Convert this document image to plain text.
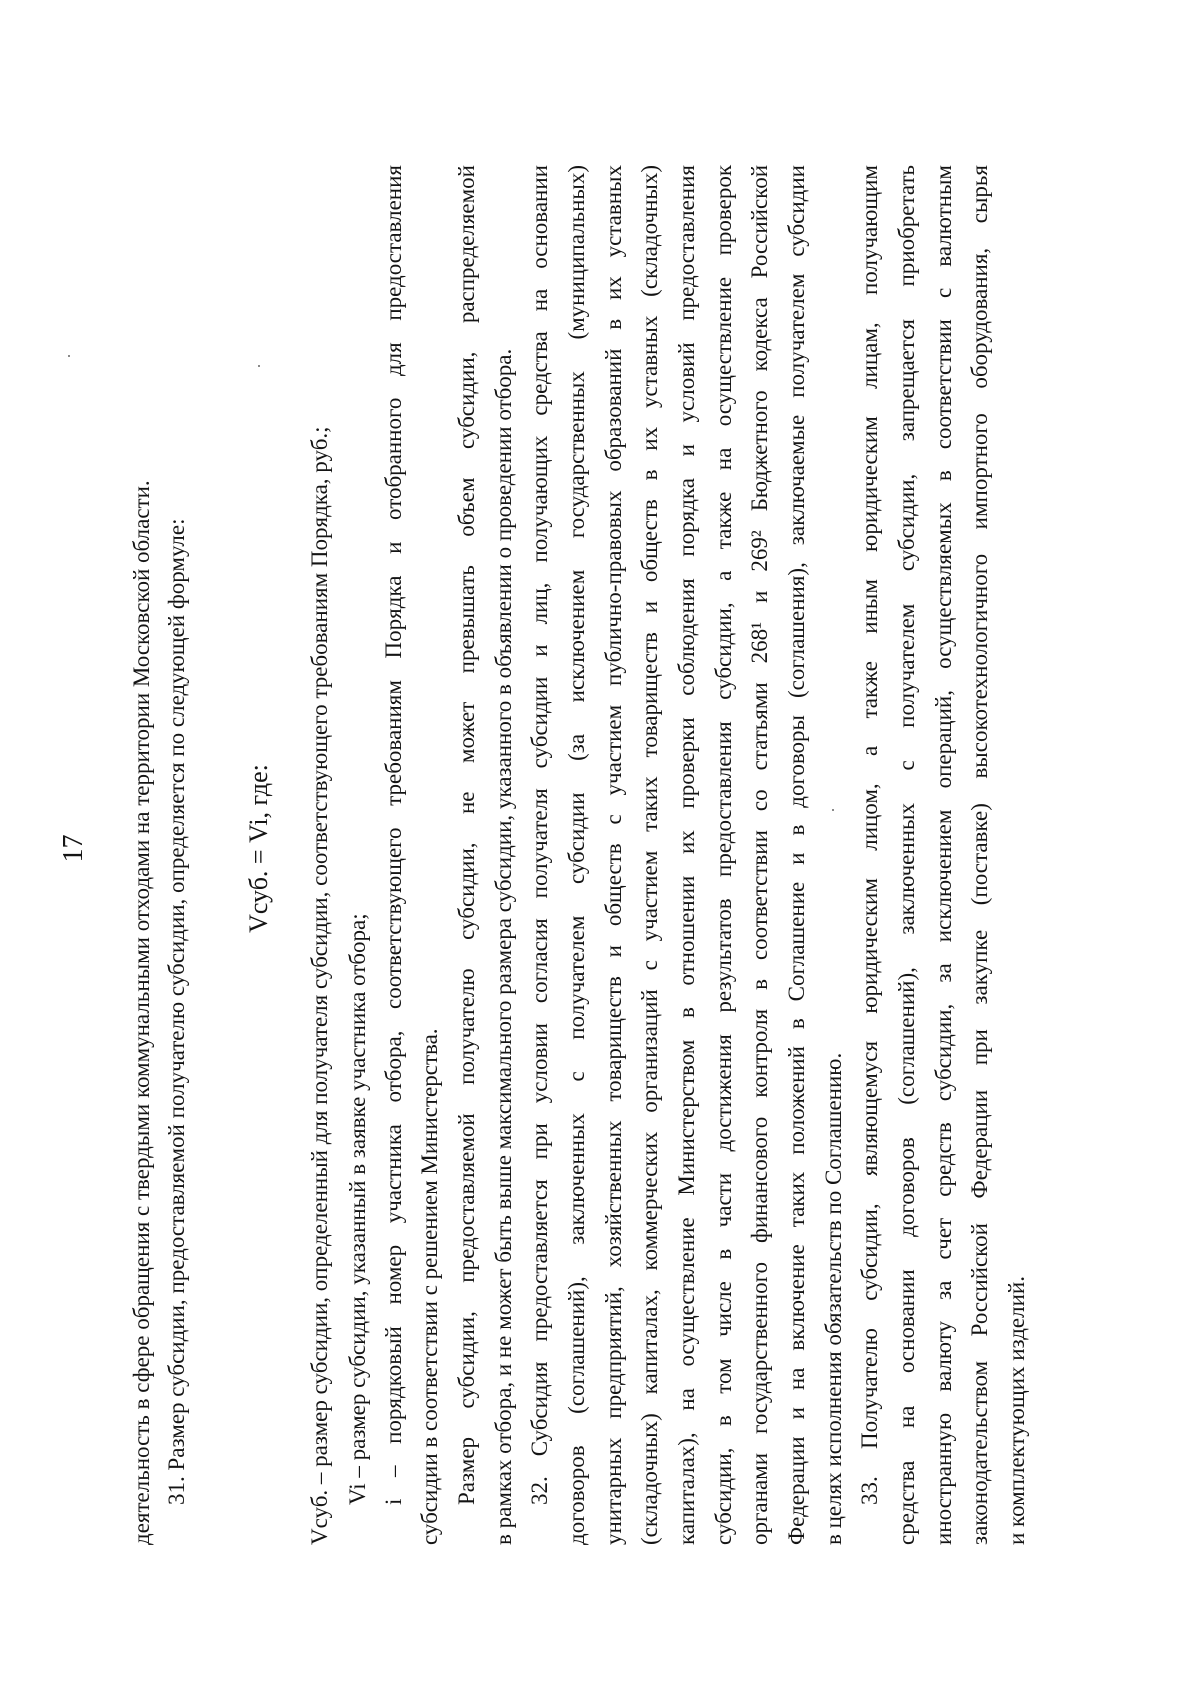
17 деятельность в сфере обращения с твердыми коммунальными отходами на территории Московской области. 31. Размер субсидии, предоставляемой получателю субсидии, определяется по следующей формуле: Vсуб. = Vi, где: Vсуб. – размер субсидии, определенный для получателя субсидии, соответствующего требованиям Порядка, руб.; Vi – размер субсидии, указанный в заявке участника отбора; i – порядковый номер участника отбора, соответствующего требованиям Порядка и отобранного для предоставления субсидии в соответствии с решением Министерства. Размер субсидии, предоставляемой получателю субсидии, не может превышать объем субсидии, распределяемой в рамках отбора, и не может быть выше максимального размера субсидии, указанного в объявлении о проведении отбора. 32. Субсидия предоставляется при условии согласия получателя субсидии и лиц, получающих средства на основании договоров (соглашений), заключенных с получателем субсидии (за исключением государственных (муниципальных) унитарных предприятий, хозяйственных товариществ и обществ с участием публично-правовых образований в их уставных (складочных) капиталах, коммерческих организаций с участием таких товариществ и обществ в их уставных (складочных) капиталах), на осуществление Министерством в отношении их проверки соблюдения порядка и условий предоставления субсидии, в том числе в части достижения результатов предоставления субсидии, а также на осуществление проверок органами государственного финансового контроля в соответствии со статьями 268¹ и 269² Бюджетного кодекса Российской Федерации и на включение таких положений в Соглашение и в договоры (соглашения), заключаемые получателем субсидии в целях исполнения обязательств по Соглашению. 33. Получателю субсидии, являющемуся юридическим лицом, а также иным юридическим лицам, получающим средства на основании договоров (соглашений), заключенных с получателем субсидии, запрещается приобретать иностранную валюту за счет средств субсидии, за исключением операций, осуществляемых в соответствии с валютным законодательством Российской Федерации при закупке (поставке) высокотехнологичного импортного оборудования, сырья и комплектующих изделий.
